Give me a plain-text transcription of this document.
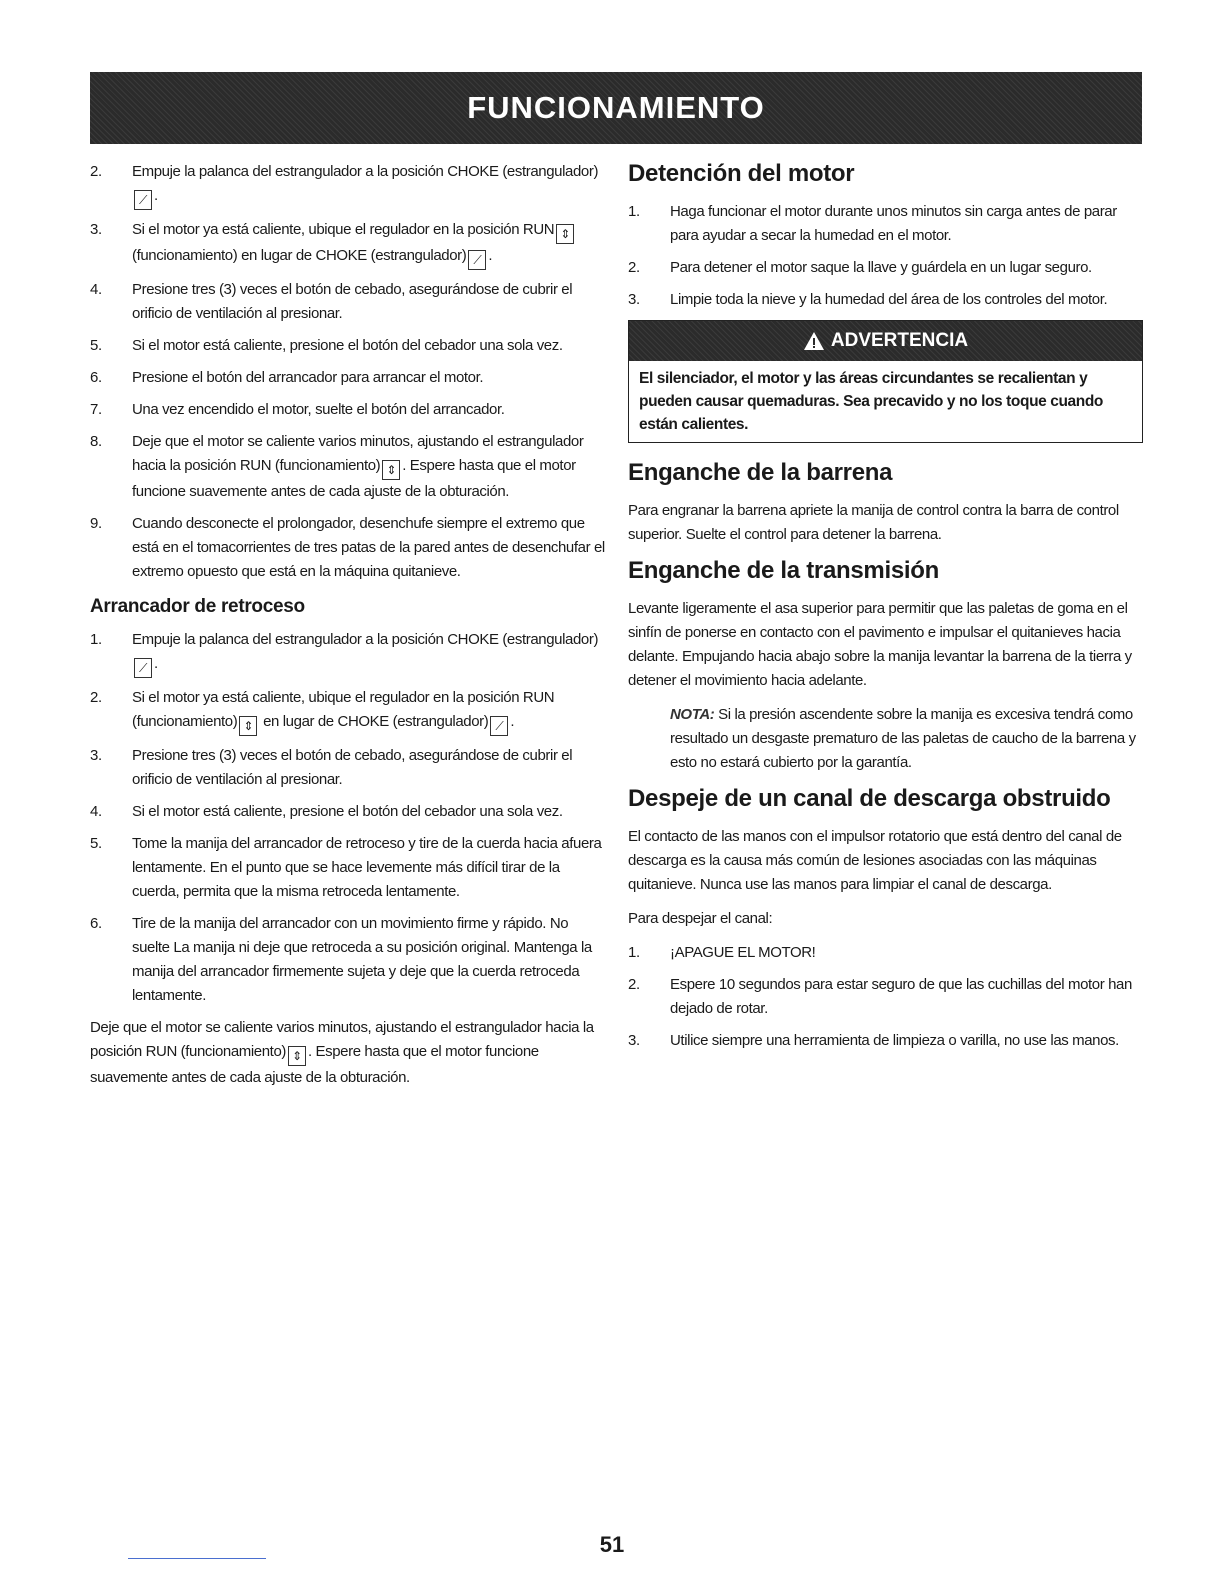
FUNCIONAMIENTO
2. Empuje la palanca del estrangulador a la posición CHOKE (estrangulador)⟋ .
3. Si el motor ya está caliente, ubique el regulador en la posición RUN ⇕ (funcionamiento) en lugar de CHOKE (estrangulador) ⟋ .
4. Presione tres (3) veces el botón de cebado, asegurándose de cubrir el orificio de ventilación al presionar.
5. Si el motor está caliente, presione el botón del cebador una sola vez.
6. Presione el botón del arrancador para arrancar el motor.
7. Una vez encendido el motor, suelte el botón del arrancador.
8. Deje que el motor se caliente varios minutos, ajustando el estrangulador hacia la posición RUN (funcionamiento) ⇕ . Espere hasta que el motor funcione suavemente antes de cada ajuste de la obturación.
9. Cuando desconecte el prolongador, desenchufe siempre el extremo que está en el tomacorrientes de tres patas de la pared antes de desenchufar el extremo opuesto que está en la máquina quitanieve.
Arrancador de retroceso
1. Empuje la palanca del estrangulador a la posición CHOKE (estrangulador)⟋ .
2. Si el motor ya está caliente, ubique el regulador en la posición RUN (funcionamiento) ⇕ en lugar de CHOKE (estrangulador) ⟋ .
3. Presione tres (3) veces el botón de cebado, asegurándose de cubrir el orificio de ventilación al presionar.
4. Si el motor está caliente, presione el botón del cebador una sola vez.
5. Tome la manija del arrancador de retroceso y tire de la cuerda hacia afuera lentamente. En el punto que se hace levemente más difícil tirar de la cuerda, permita que la misma retroceda lentamente.
6. Tire de la manija del arrancador con un movimiento firme y rápido. No suelte La manija ni deje que retroceda a su posición original. Mantenga la manija del arrancador firmemente sujeta y deje que la cuerda retroceda lentamente.

Deje que el motor se caliente varios minutos, ajustando el estrangulador hacia la posición RUN (funcionamiento) ⇕ . Espere hasta que el motor funcione suavemente antes de cada ajuste de la obturación.

Detención del motor
1. Haga funcionar el motor durante unos minutos sin carga antes de parar para ayudar a secar la humedad en el motor.
2. Para detener el motor saque la llave y guárdela en un lugar seguro.
3. Limpie toda la nieve y la humedad del área de los controles del motor.
ADVERTENCIA
El silenciador, el motor y las áreas circundantes se recalientan y pueden causar quemaduras. Sea precavido y no los toque cuando están calientes.
Enganche de la barrena

Para engranar la barrena apriete la manija de control contra la barra de control superior. Suelte el control para detener la barrena.

Enganche de la transmisión

Levante ligeramente el asa superior para permitir que las paletas de goma en el sinfín de ponerse en contacto con el pavimento e impulsar el quitanieves hacia delante. Empujando hacia abajo sobre la manija levantar la barrena de la tierra y detener el movimiento hacia adelante.

NOTA: Si la presión ascendente sobre la manija es excesiva tendrá como resultado un desgaste prematuro de las paletas de caucho de la barrena y esto no estará cubierto por la garantía.

Despeje de un canal de descarga obstruido

El contacto de las manos con el impulsor rotatorio que está dentro del canal de descarga es la causa más común de lesiones asociadas con las máquinas quitanieve. Nunca use las manos para limpiar el canal de descarga.

Para despejar el canal:

1. ¡APAGUE EL MOTOR!
2. Espere 10 segundos para estar seguro de que las cuchillas del motor han dejado de rotar.
3. Utilice siempre una herramienta de limpieza o varilla, no use las manos.
51
